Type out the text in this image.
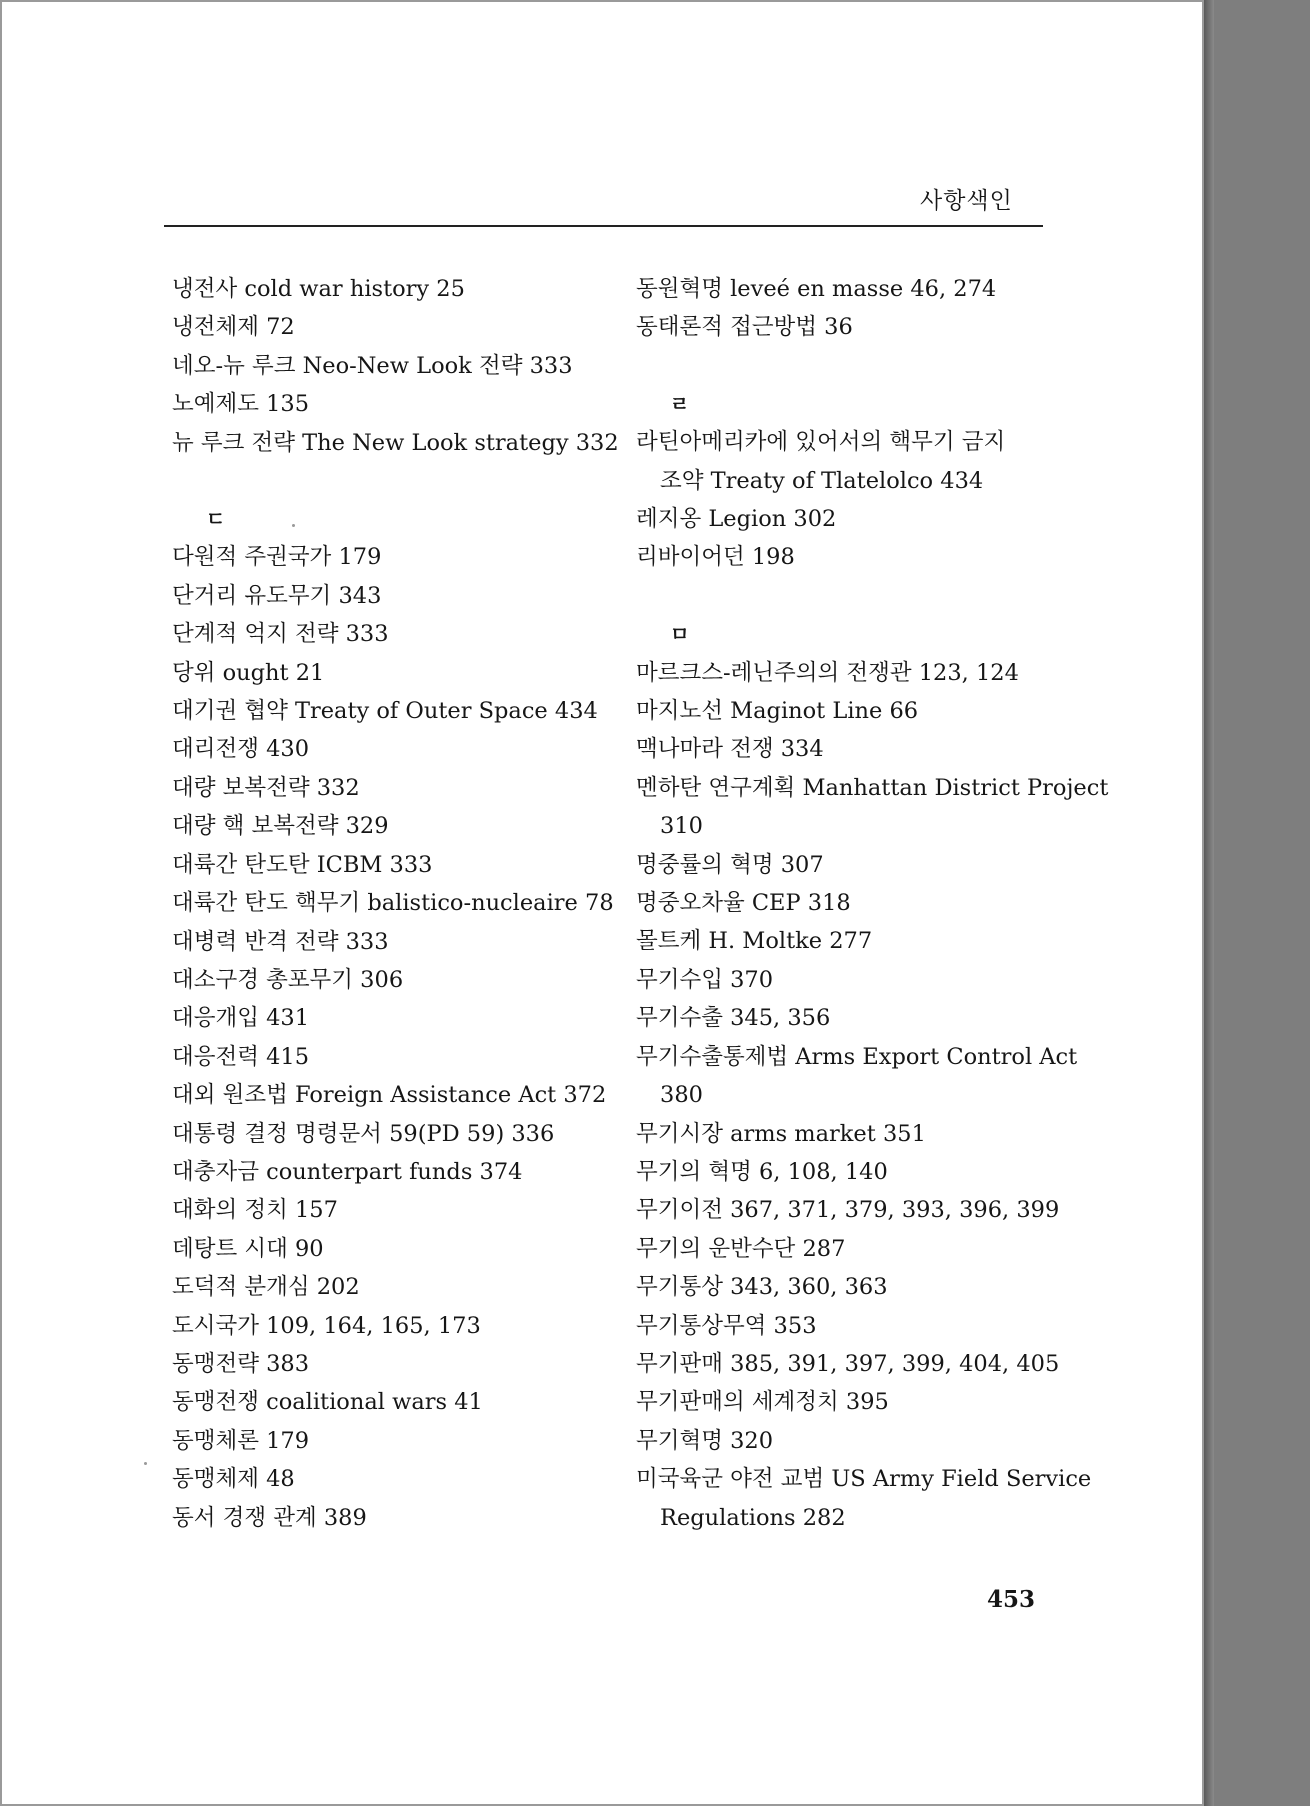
사항색인
냉전사 cold war history 25
냉전체제 72
네오-뉴 루크 Neo-New Look 전략 333
노예제도 135
뉴 루크 전략 The New Look strategy 332
ㄷ
다원적 주권국가 179
단거리 유도무기 343
단계적 억지 전략 333
당위 ought 21
대기권 협약 Treaty of Outer Space 434
대리전쟁 430
대량 보복전략 332
대량 핵 보복전략 329
대륙간 탄도탄 ICBM 333
대륙간 탄도 핵무기 balistico-nucleaire 78
대병력 반격 전략 333
대소구경 총포무기 306
대응개입 431
대응전력 415
대외 원조법 Foreign Assistance Act 372
대통령 결정 명령문서 59(PD 59) 336
대충자금 counterpart funds 374
대화의 정치 157
데탕트 시대 90
도덕적 분개심 202
도시국가 109, 164, 165, 173
동맹전략 383
동맹전쟁 coalitional wars 41
동맹체론 179
동맹체제 48
동서 경쟁 관계 389
동원혁명 leveé en masse 46, 274
동태론적 접근방법 36
ㄹ
라틴아메리카에 있어서의 핵무기 금지
조약 Treaty of Tlatelolco 434
레지옹 Legion 302
리바이어던 198
ㅁ
마르크스-레닌주의의 전쟁관 123, 124
마지노선 Maginot Line 66
맥나마라 전쟁 334
멘하탄 연구계획 Manhattan District Project
310
명중률의 혁명 307
명중오차율 CEP 318
몰트케 H. Moltke 277
무기수입 370
무기수출 345, 356
무기수출통제법 Arms Export Control Act
380
무기시장 arms market 351
무기의 혁명 6, 108, 140
무기이전 367, 371, 379, 393, 396, 399
무기의 운반수단 287
무기통상 343, 360, 363
무기통상무역 353
무기판매 385, 391, 397, 399, 404, 405
무기판매의 세계정치 395
무기혁명 320
미국육군 야전 교범 US Army Field Service
Regulations 282
453
